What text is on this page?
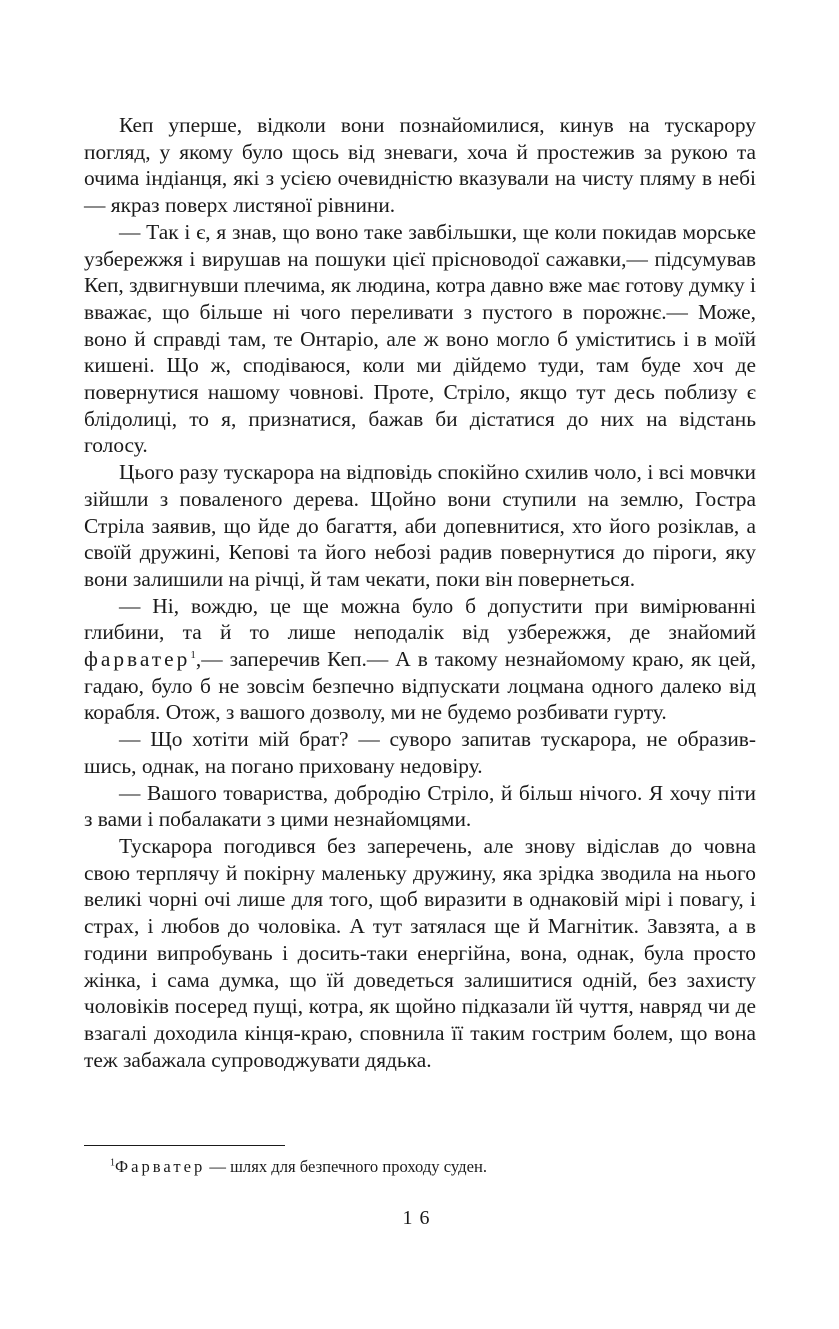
Кеп уперше, відколи вони познайомилися, кинув на тускарору погляд, у якому було щось від зневаги, хоча й простежив за рукою та очима індіанця, які з усією очевидністю вказували на чисту пляму в небі — якраз поверх листяної рівнини.

— Так і є, я знав, що воно таке завбільшки, ще коли покидав морське узбережжя і вирушав на пошуки цієї прісноводої сажавки,— підсумував Кеп, здвигнувши плечима, як людина, котра давно вже має готову думку і вважає, що більше ні чого переливати з пустого в порожнє.— Може, воно й справді там, те Онтаріо, але ж воно могло б уміститись і в моїй кишені. Що ж, сподіваюся, коли ми дійдемо туди, там буде хоч де повернутися нашому човнові. Проте, Стріло, якщо тут десь поблизу є блідолиці, то я, признатися, бажав би дістатися до них на відстань голосу.

Цього разу тускарора на відповідь спокійно схилив чоло, і всі мовчки зійшли з поваленого дерева. Щойно вони ступили на землю, Гостра Стріла заявив, що йде до багаття, аби допевнитися, хто його розіклав, а своїй дружині, Кепові та його небозі радив повернутися до піроги, яку вони залишили на річці, й там чекати, поки він повернеться.

— Ні, вождю, це ще можна було б допустити при вимірюванні глибини, та й то лише неподалік від узбережжя, де знайомий фарватер$^1$,— заперечив Кеп.— А в такому незнайомому краю, як цей, гадаю, було б не зовсім безпечно відпускати лоцмана одного далеко від корабля. Отож, з вашого дозволу, ми не будемо розбивати гурту.

— Що хотіти мій брат? — суворо запитав тускарора, не образившись, однак, на погано приховану недовіру.

— Вашого товариства, добродію Стріло, й більш нічого. Я хочу піти з вами і побалакати з цими незнайомцями.

Тускарора погодився без заперечень, але знову відіслав до човна свою терплячу й покірну маленьку дружину, яка зрідка зводила на нього великі чорні очі лише для того, щоб виразити в однаковій мірі і повагу, і страх, і любов до чоловіка. А тут затялася ще й Магнітик. Завзята, а в години випробувань і досить-таки енергійна, вона, однак, була просто жінка, і сама думка, що їй доведеться залишитися одній, без захисту чоловіків посеред пущі, котра, як щойно підказали їй чуття, навряд чи де взагалі доходила кінця-краю, сповнила її таким гострим болем, що вона теж забажала супроводжувати дядька.

$^1$Фарватер — шлях для безпечного проходу суден.
16
